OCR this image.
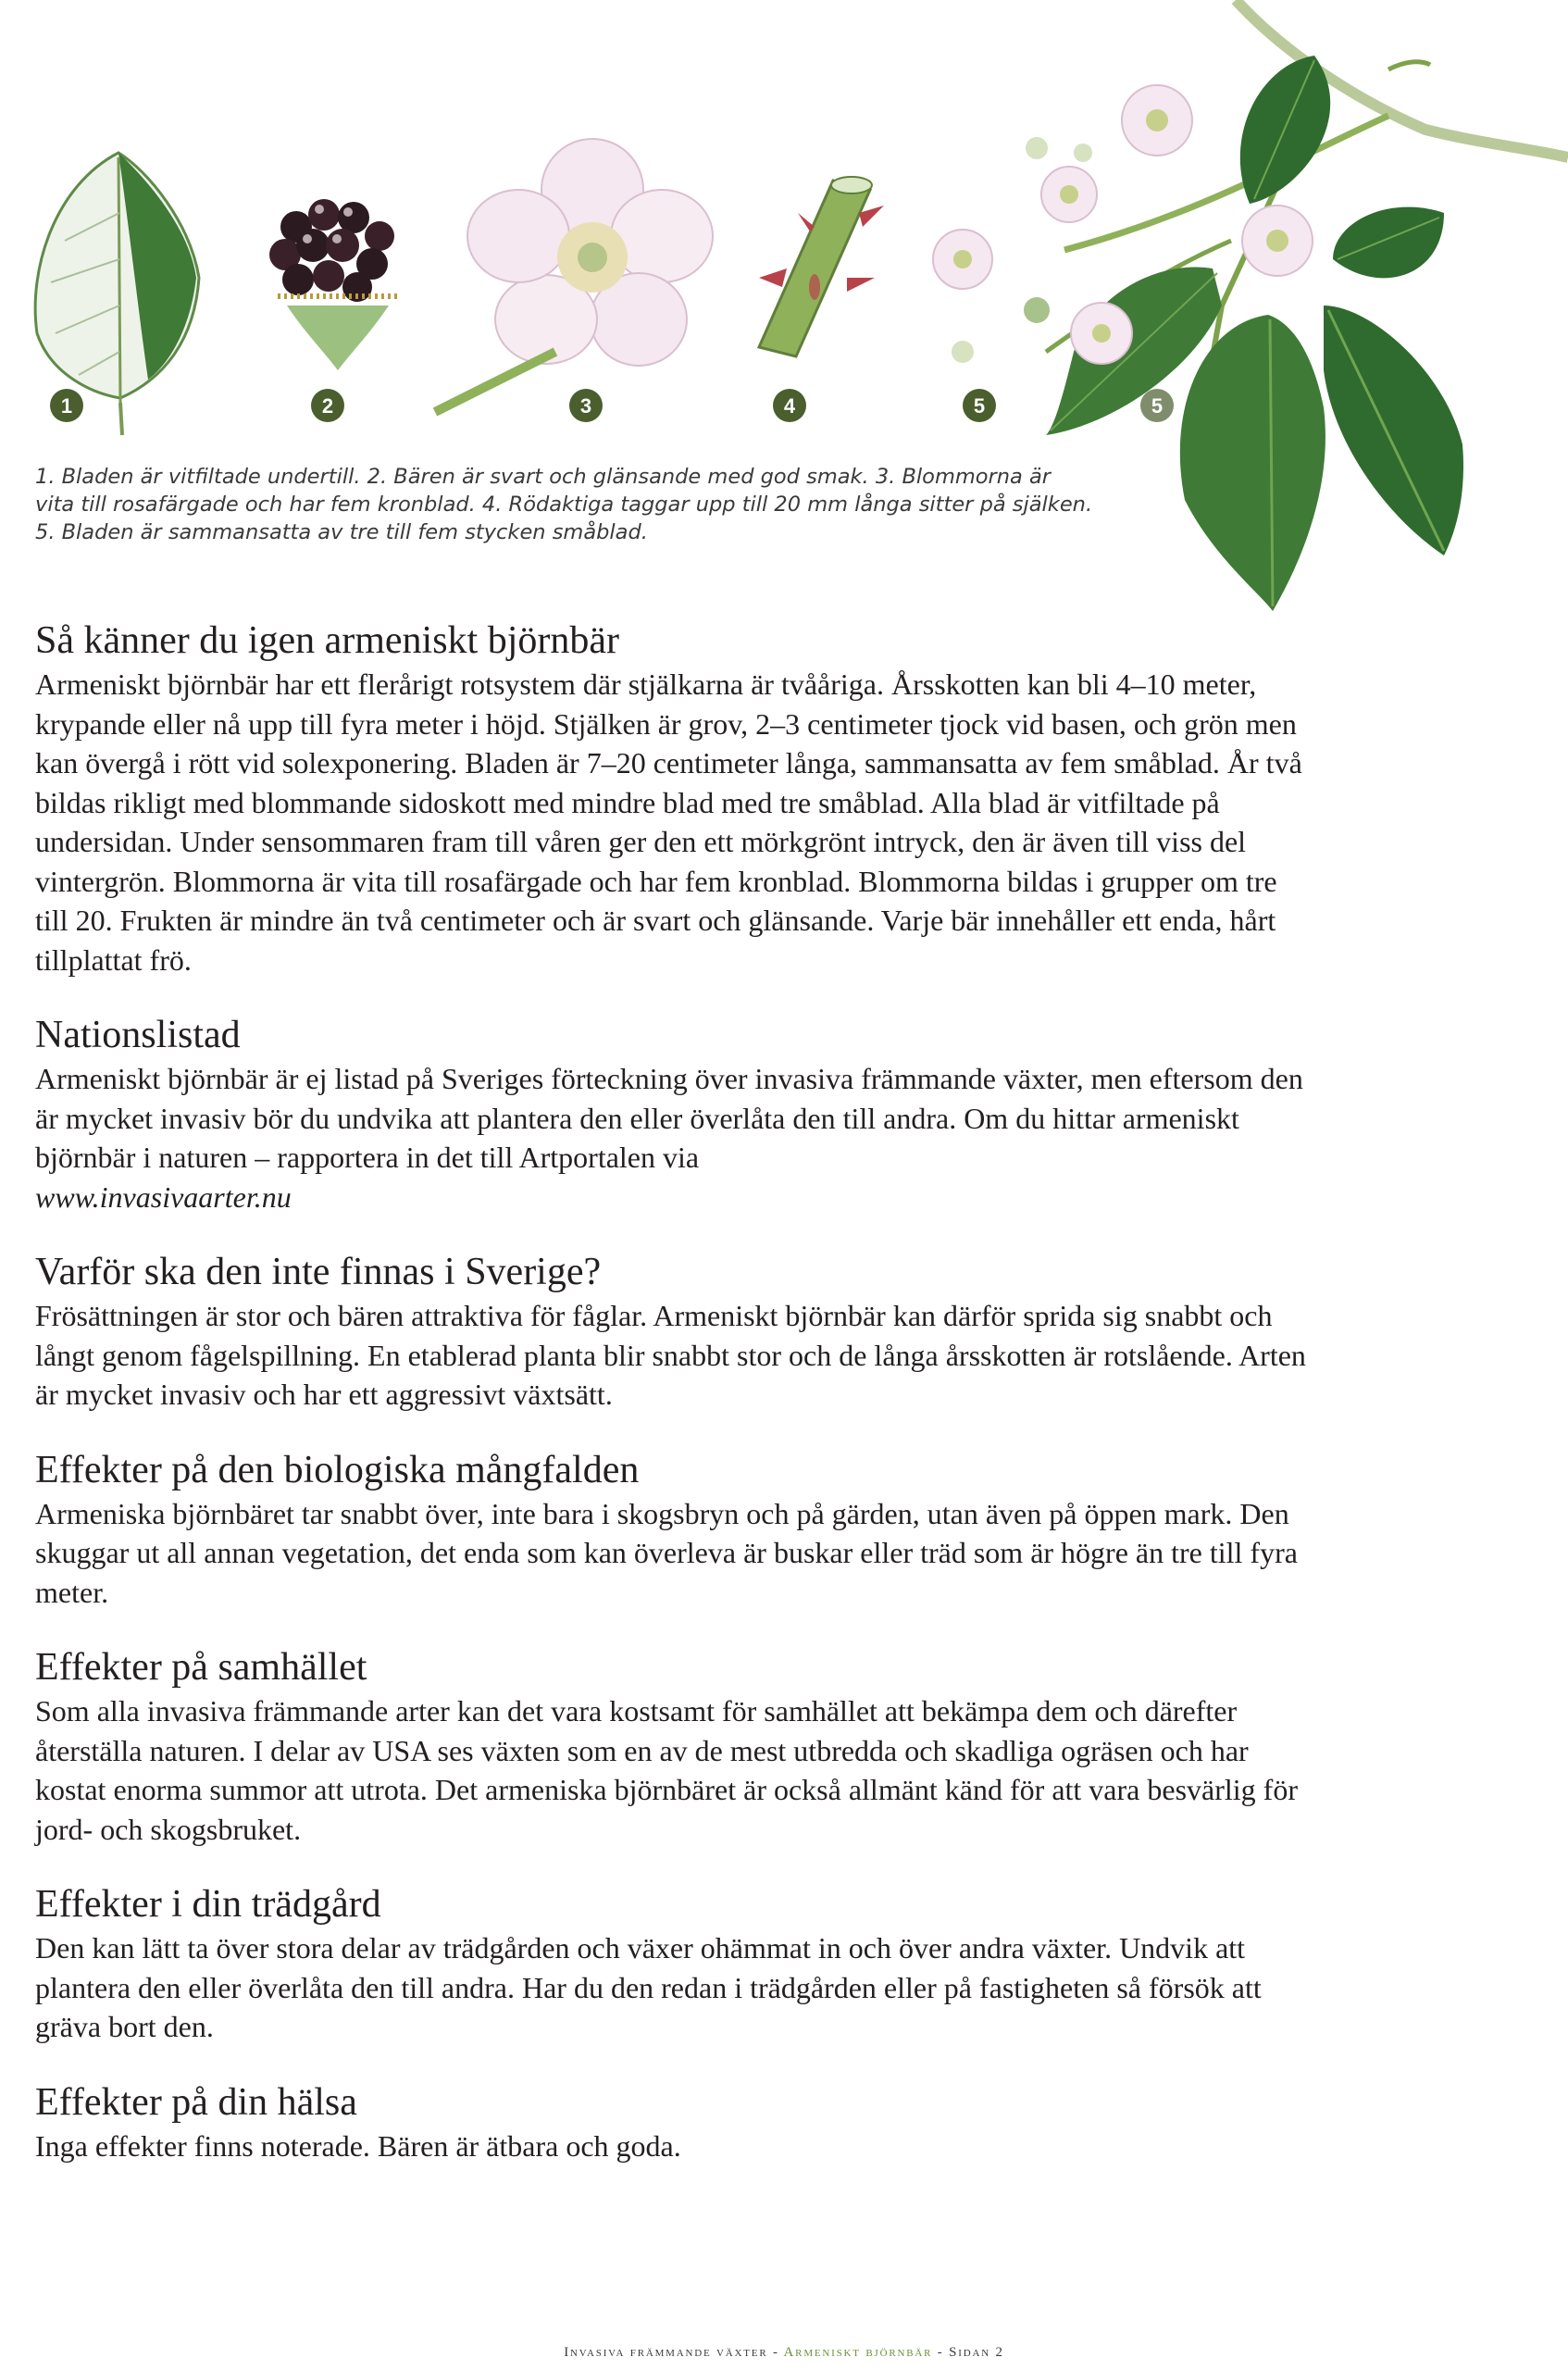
1	2	3	4	5	5

1. Bladen är vitfiltade undertill. 2. Bären är svart och glänsande med god smak. 3. Blommorna är
vita till rosafärgade och har fem kronblad. 4. Rödaktiga taggar upp till 20 mm långa sitter på själken.
5. Bladen är sammansatta av tre till fem stycken småblad.

Så känner du igen armeniskt björnbär

Armeniskt björnbär har ett flerårigt rotsystem där stjälkarna är tvååriga. Årsskotten kan bli 4–10 meter, krypande eller nå upp till fyra meter i höjd. Stjälken är grov, 2–3 centimeter tjock vid basen, och grön men kan övergå i rött vid solexponering. Bladen är 7–20 centimeter långa, sammansatta av fem småblad. År två bildas rikligt med blommande sidoskott med mindre blad med tre småblad. Alla blad är vitfiltade på undersidan. Under sensommaren fram till våren ger den ett mörkgrönt intryck, den är även till viss del vintergrön. Blommorna är vita till rosafärgade och har fem kronblad. Blommorna bildas i grupper om tre till 20. Frukten är mindre än två centimeter och är svart och glänsande. Varje bär innehåller ett enda, hårt tillplattat frö.

Nationslistad

Armeniskt björnbär är ej listad på Sveriges förteckning över invasiva främmande växter, men eftersom den är mycket invasiv bör du undvika att plantera den eller överlåta den till andra. Om du hittar armeniskt björnbär i naturen – rapportera in det till Artportalen via
www.invasivaarter.nu

Varför ska den inte finnas i Sverige?

Frösättningen är stor och bären attraktiva för fåglar. Armeniskt björnbär kan därför sprida sig snabbt och långt genom fågelspillning. En etablerad planta blir snabbt stor och de långa årsskotten är rotslående. Arten är mycket invasiv och har ett aggressivt växtsätt.

Effekter på den biologiska mångfalden

Armeniska björnbäret tar snabbt över, inte bara i skogsbryn och på gärden, utan även på öppen mark. Den skuggar ut all annan vegetation, det enda som kan överleva är buskar eller träd som är högre än tre till fyra meter.

Effekter på samhället

Som alla invasiva främmande arter kan det vara kostsamt för samhället att bekämpa dem och därefter återställa naturen. I delar av USA ses växten som en av de mest utbredda och skadliga ogräsen och har kostat enorma summor att utrota. Det armeniska björnbäret är också allmänt känd för att vara besvärlig för jord- och skogsbruket.

Effekter i din trädgård

Den kan lätt ta över stora delar av trädgården och växer ohämmat in och över andra växter. Undvik att plantera den eller överlåta den till andra. Har du den redan i trädgården eller på fastigheten så försök att gräva bort den.

Effekter på din hälsa

Inga effekter finns noterade. Bären är ätbara och goda.

Invasiva främmande växter - Armeniskt björnbär - Sidan 2
